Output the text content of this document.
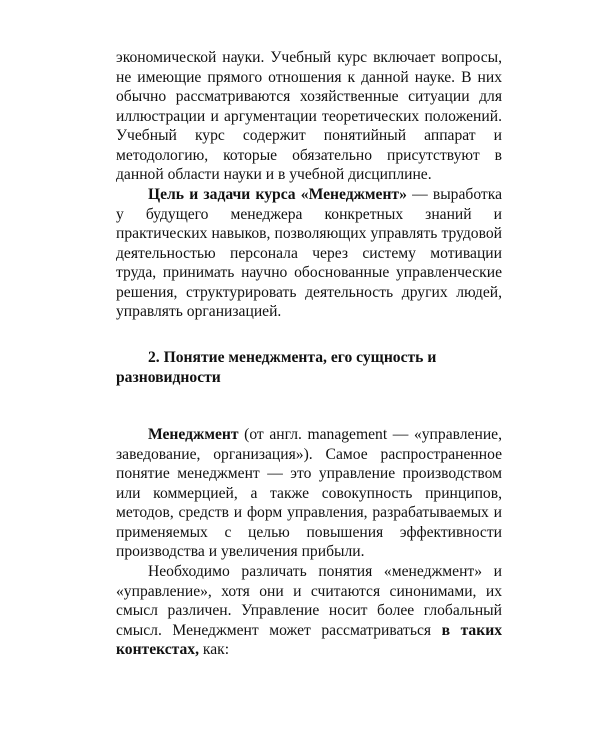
экономической науки. Учебный курс включает вопросы, не имеющие прямого отношения к данной науке. В них обычно рассматриваются хозяйственные ситуации для иллюстрации и аргументации теоретических положений. Учебный курс содержит понятийный аппарат и методологию, которые обязательно присутствуют в данной области науки и в учебной дисциплине.

Цель и задачи курса «Менеджмент» — выработка у будущего менеджера конкретных знаний и практических навыков, позволяющих управлять трудовой деятельностью персонала через систему мотивации труда, принимать научно обоснованные управленческие решения, структурировать деятельность других людей, управлять организацией.

2. Понятие менеджмента, его сущность и разновидности

Менеджмент (от англ. management — «управление, заведование, организация»). Самое распространенное понятие менеджмент — это управление производством или коммерцией, а также совокупность принципов, методов, средств и форм управления, разрабатываемых и применяемых с целью повышения эффективности производства и увеличения прибыли.

Необходимо различать понятия «менеджмент» и «управление», хотя они и считаются синонимами, их смысл различен. Управление носит более глобальный смысл. Менеджмент может рассматриваться в таких контекстах, как:
